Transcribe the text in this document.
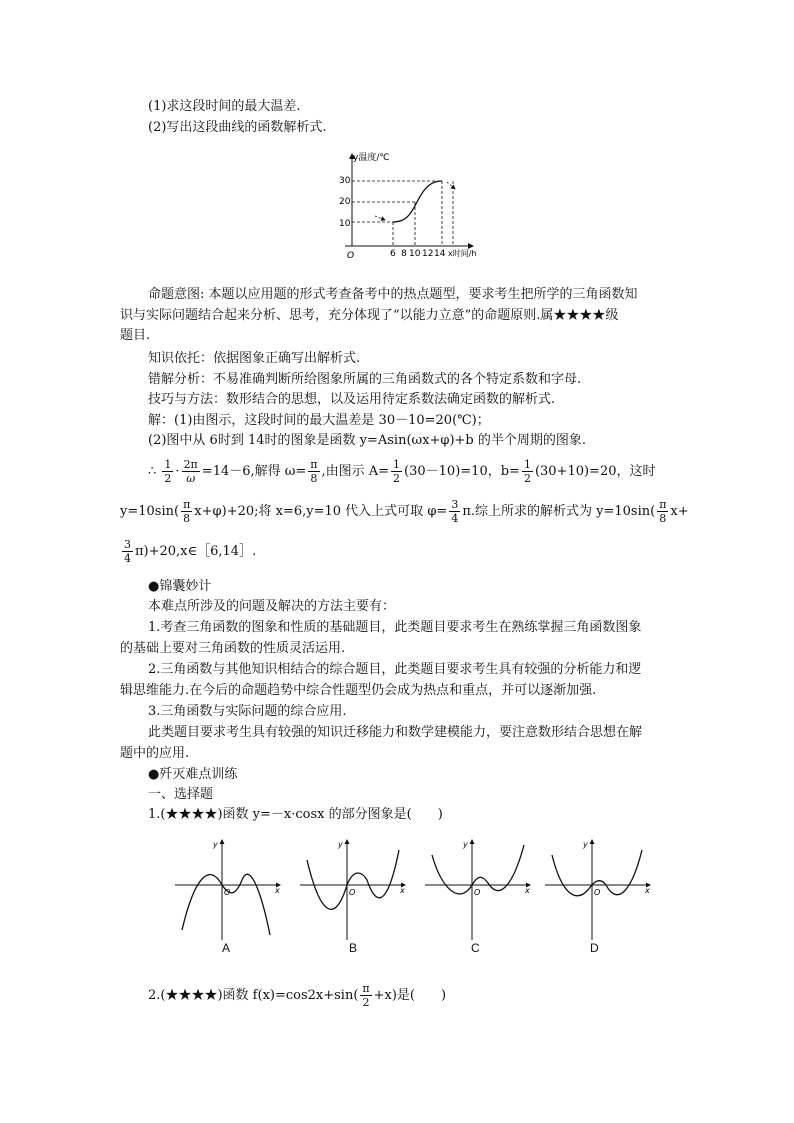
(1)求这段时间的最大温差.
(2)写出这段曲线的函数解析式.
y温度/℃
x时间/h
O
10
20
30
6 8 10 12 14
命题意图: 本题以应用题的形式考查备考中的热点题型，要求考生把所学的三角函数知
识与实际问题结合起来分析、思考，充分体现了“以能力立意”的命题原则.属★★★★级
题目.
知识依托：依据图象正确写出解析式.
错解分析：不易准确判断所给图象所属的三角函数式的各个特定系数和字母.
技巧与方法：数形结合的思想，以及运用待定系数法确定函数的解析式.
解：(1)由图示，这段时间的最大温差是 30－10=20(℃)；
(2)图中从 6时到 14时的图象是函数 y=Asin(ωx+φ)+b 的半个周期的图象.
∴ $\frac{1}{2} \cdot \frac{2\pi}{\omega} =14-6$,解得 $\omega= \frac{\pi}{8}$ ,由图示 $A= \frac{1}{2} (30-10)=10$，$b= \frac{1}{2} (30+10)=20$，这时
$y=10\sin( \frac{\pi}{8} x+\varphi)+20$;将 x=6,y=10 代入上式可取 $\varphi= \frac{3}{4} \pi$.综上所求的解析式为 $y=10\sin( \frac{\pi}{8} x+$
$\frac{3}{4}$ π)+20,x∈［6,14］.
●锦囊妙计
本难点所涉及的问题及解决的方法主要有：
1.考查三角函数的图象和性质的基础题目，此类题目要求考生在熟练掌握三角函数图象
的基础上要对三角函数的性质灵活运用.
2.三角函数与其他知识相结合的综合题目，此类题目要求考生具有较强的分析能力和逻
辑思维能力.在今后的命题趋势中综合性题型仍会成为热点和重点，并可以逐渐加强.
3.三角函数与实际问题的综合应用.
此类题目要求考生具有较强的知识迁移能力和数学建模能力，要注意数形结合思想在解
题中的应用.
●歼灭难点训练
一、选择题
1.(★★★★)函数 y=－x·cosx 的部分图象是(　　)
y
x
O
y
x
O
y
x
O
y
x
O
A	B	C	D
2.(★★★★)函数 $f(x)=\cos 2x+\sin( \frac{\pi}{2} +x)$是(　　)
